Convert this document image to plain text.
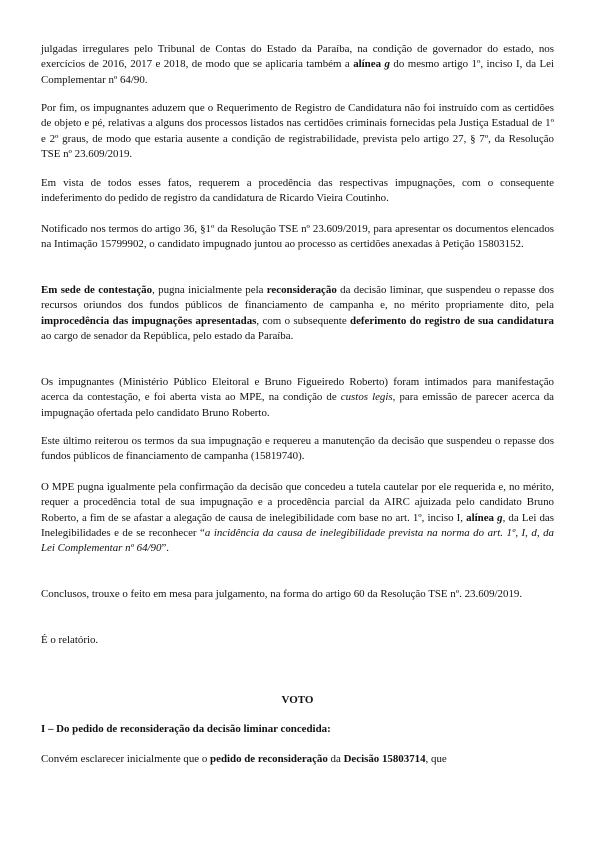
julgadas irregulares pelo Tribunal de Contas do Estado da Paraíba, na condição de governador do estado, nos exercícios de 2016, 2017 e 2018, de modo que se aplicaria também a alínea g do mesmo artigo 1º, inciso I, da Lei Complementar nº 64/90.

Por fim, os impugnantes aduzem que o Requerimento de Registro de Candidatura não foi instruído com as certidões de objeto e pé, relativas a alguns dos processos listados nas certidões criminais fornecidas pela Justiça Estadual de 1º e 2º graus, de modo que estaria ausente a condição de registrabilidade, prevista pelo artigo 27, § 7º, da Resolução TSE nº 23.609/2019.

Em vista de todos esses fatos, requerem a procedência das respectivas impugnações, com o consequente indeferimento do pedido de registro da candidatura de Ricardo Vieira Coutinho.

Notificado nos termos do artigo 36, §1º da Resolução TSE nº 23.609/2019, para apresentar os documentos elencados na Intimação 15799902, o candidato impugnado juntou ao processo as certidões anexadas à Petição 15803152.

Em sede de contestação, pugna inicialmente pela reconsideração da decisão liminar, que suspendeu o repasse dos recursos oriundos dos fundos públicos de financiamento de campanha e, no mérito propriamente dito, pela improcedência das impugnações apresentadas, com o subsequente deferimento do registro de sua candidatura ao cargo de senador da República, pelo estado da Paraíba.

Os impugnantes (Ministério Público Eleitoral e Bruno Figueiredo Roberto) foram intimados para manifestação acerca da contestação, e foi aberta vista ao MPE, na condição de custos legis, para emissão de parecer acerca da impugnação ofertada pelo candidato Bruno Roberto.

Este último reiterou os termos da sua impugnação e requereu a manutenção da decisão que suspendeu o repasse dos fundos públicos de financiamento de campanha (15819740).

O MPE pugna igualmente pela confirmação da decisão que concedeu a tutela cautelar por ele requerida e, no mérito, requer a procedência total de sua impugnação e a procedência parcial da AIRC ajuizada pelo candidato Bruno Roberto, a fim de se afastar a alegação de causa de inelegibilidade com base no art. 1º, inciso I, alínea g, da Lei das Inelegibilidades e de se reconhecer “a incidência da causa de inelegibilidade prevista na norma do art. 1º, I, d, da Lei Complementar nº 64/90”.

Conclusos, trouxe o feito em mesa para julgamento, na forma do artigo 60 da Resolução TSE nº. 23.609/2019.

É o relatório.

VOTO
I – Do pedido de reconsideração da decisão liminar concedida:

Convém esclarecer inicialmente que o pedido de reconsideração da Decisão 15803714, que
